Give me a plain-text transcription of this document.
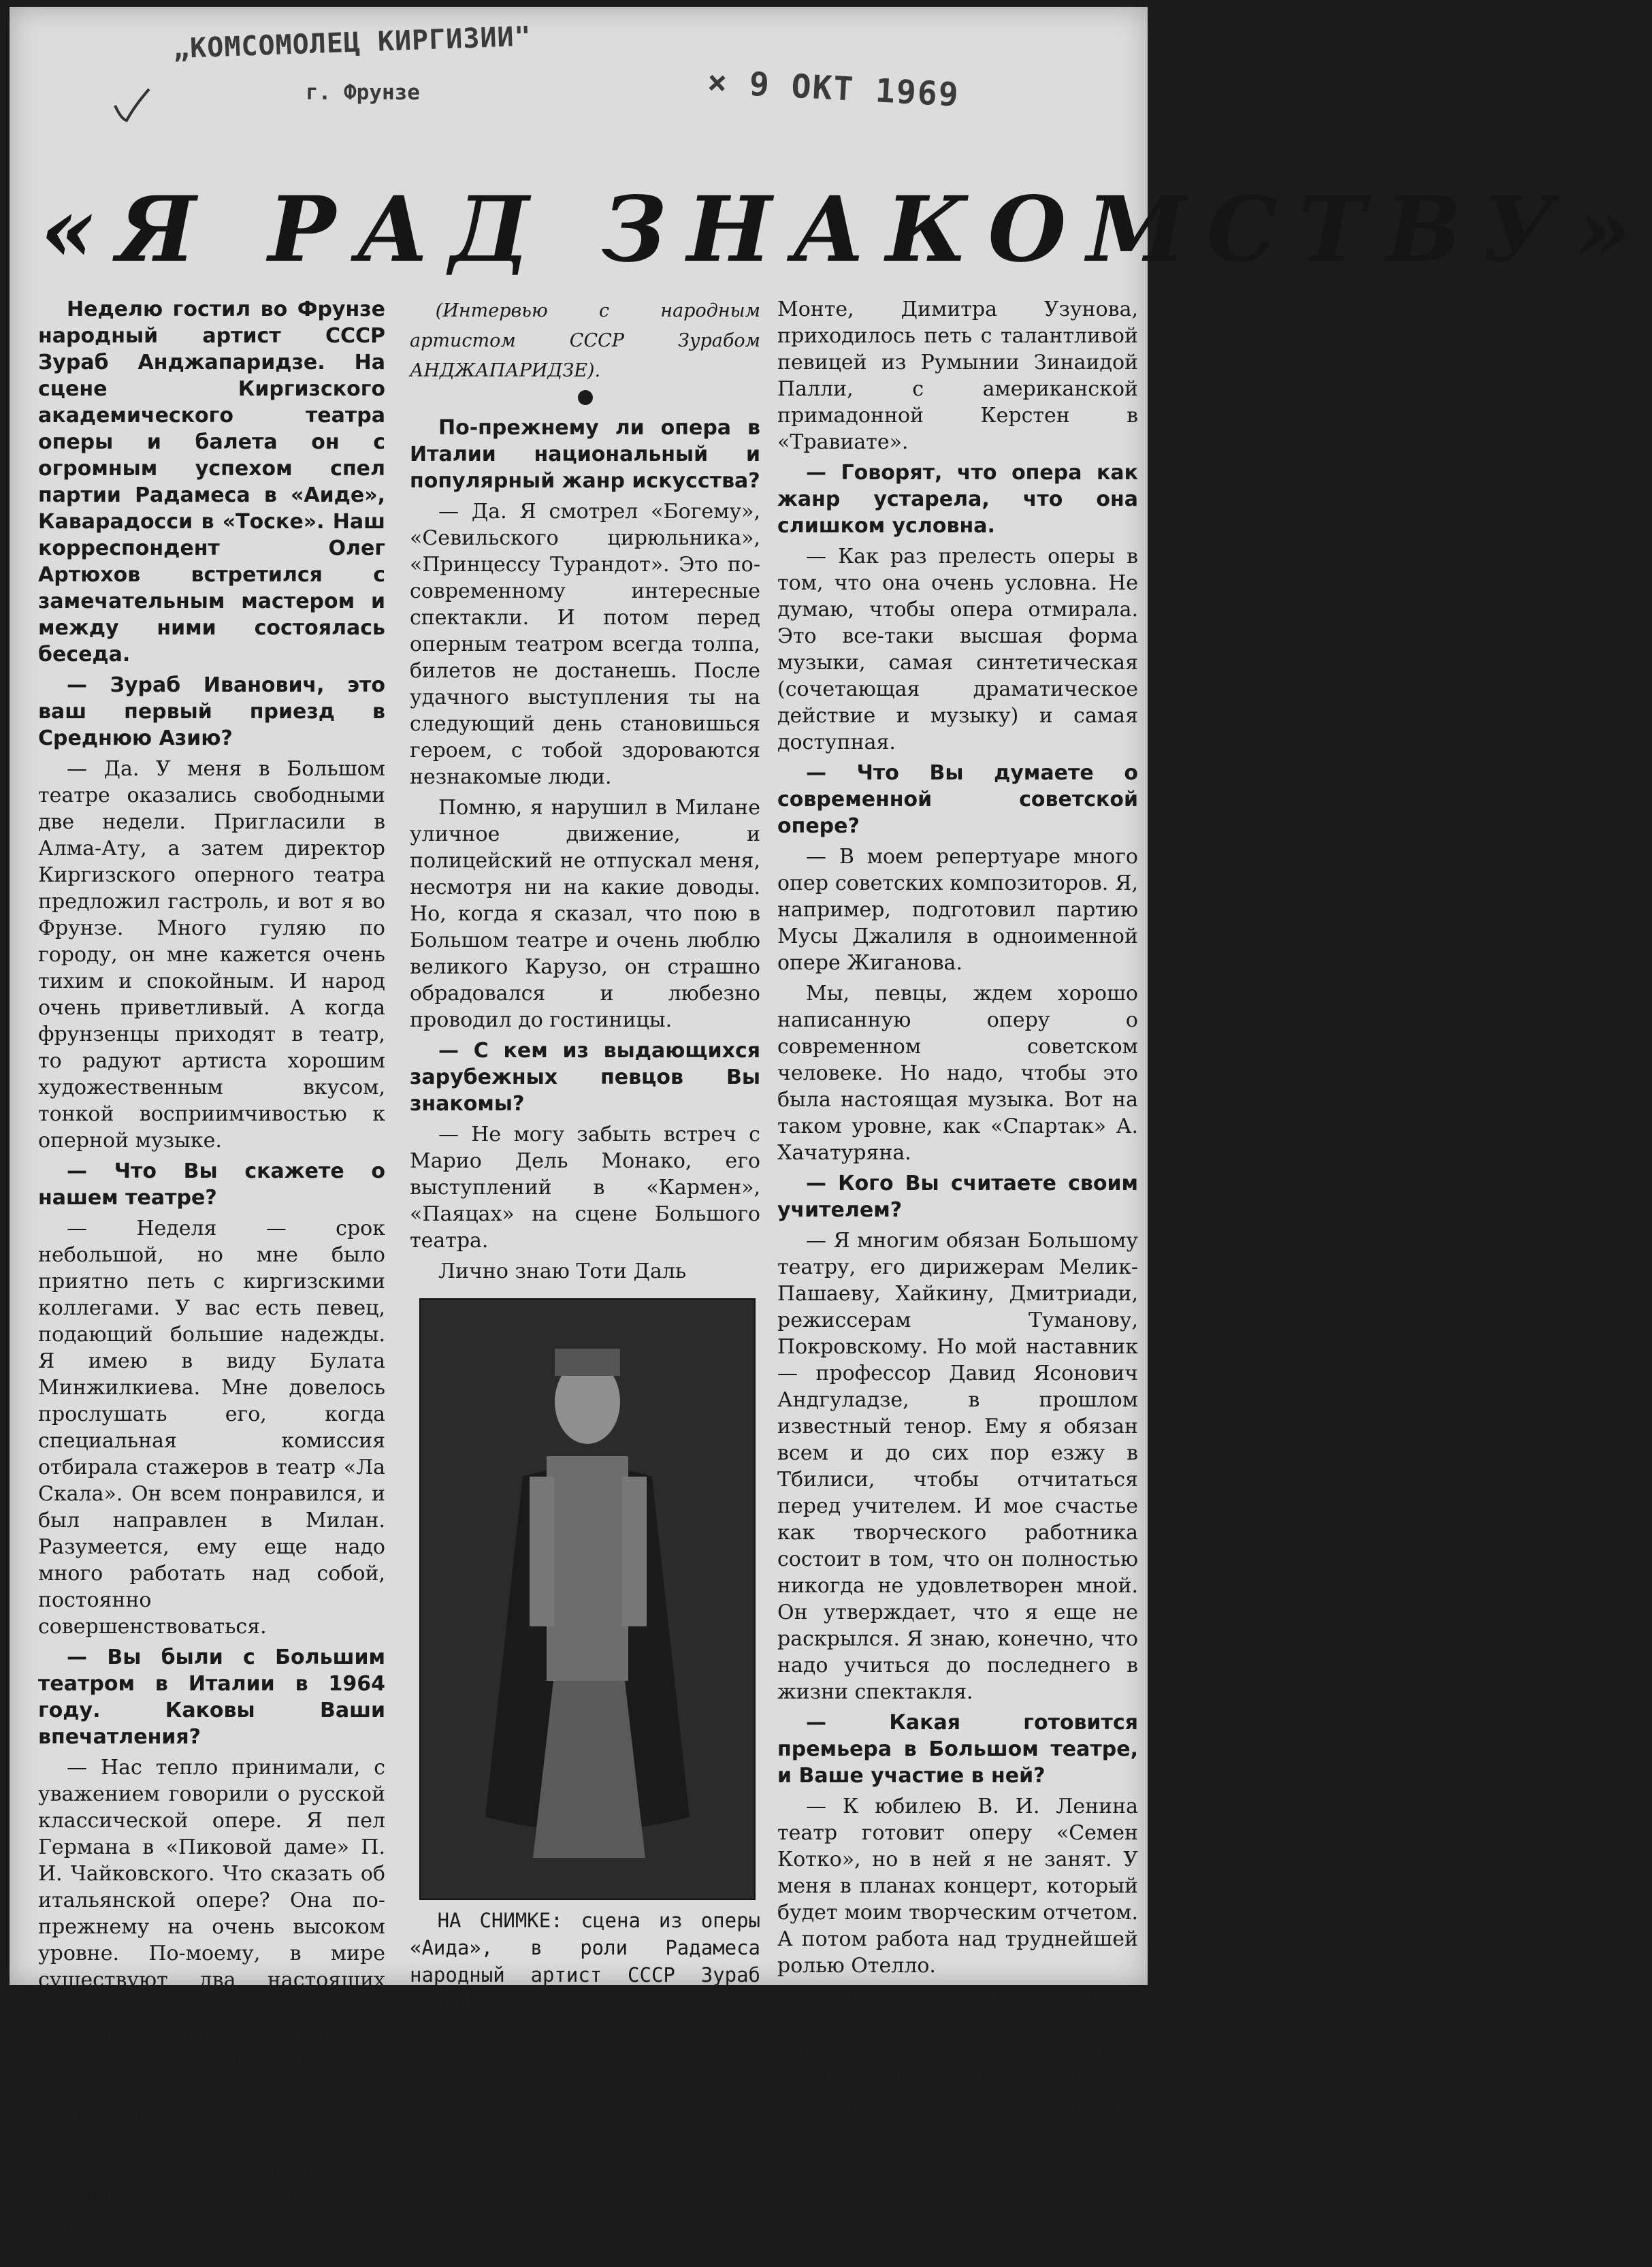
„КОМСОМОЛЕЦ КИРГИЗИИ"
г. Фрунзе	× 9 ОКТ 1969
«Я РАД ЗНАКОМСТВУ»

Неделю гостил во Фрунзе народный артист СССР Зураб Анджапаридзе. На сцене Киргизского академического театра оперы и балета он с огромным успехом спел партии Радамеса в «Аиде», Каварадосси в «Тоске». Наш корреспондент Олег Артюхов встретился с замечательным мастером и между ними состоялась беседа.

— Зураб Иванович, это ваш первый приезд в Среднюю Азию?

— Да. У меня в Большом театре оказались свободными две недели. Пригласили в Алма-Ату, а затем директор Киргизского оперного театра предложил гастроль, и вот я во Фрунзе. Много гуляю по городу, он мне кажется очень тихим и спокойным. И народ очень приветливый. А когда фрунзенцы приходят в театр, то радуют артиста хорошим художественным вкусом, тонкой восприимчивостью к оперной музыке.

— Что Вы скажете о нашем театре?

— Неделя — срок небольшой, но мне было приятно петь с киргизскими коллегами. У вас есть певец, подающий большие надежды. Я имею в виду Булата Минжилкиева. Мне довелось прослушать его, когда специальная комиссия отбирала стажеров в театр «Ла Скала». Он всем понравился, и был направлен в Милан. Разумеется, ему еще надо много работать над собой, постоянно совершенствоваться.

— Вы были с Большим театром в Италии в 1964 году. Каковы Ваши впечатления?

— Нас тепло принимали, с уважением говорили о русской классической опере. Я пел Германа в «Пиковой даме» П. И. Чайковского. Что сказать об итальянской опере? Она по-прежнему на очень высоком уровне. По-моему, в мире существуют два настоящих храма искусства оперы: Большой театр и «Ла Скала». Даже «Гранд-Опера» в Париже живет за счет гастролеров.

В Италии я встречался с замечательным тенором Раймонди. Он ученик недавно умершего маэстро Барра, у которого стажировались все советские певцы.

(Интервью с народным артистом СССР Зурабом АНДЖАПАРИДЗЕ).

По-прежнему ли опера в Италии национальный и популярный жанр искусства?

— Да. Я смотрел «Богему», «Севильского цирюльника», «Принцессу Турандот». Это по-современному интересные спектакли. И потом перед оперным театром всегда толпа, билетов не достанешь. После удачного выступления ты на следующий день становишься героем, с тобой здороваются незнакомые люди.

Помню, я нарушил в Милане уличное движение, и полицейский не отпускал меня, несмотря ни на какие доводы. Но, когда я сказал, что пою в Большом театре и очень люблю великого Карузо, он страшно обрадовался и любезно проводил до гостиницы.

— С кем из выдающихся зарубежных певцов Вы знакомы?

— Не могу забыть встреч с Марио Дель Монако, его выступлений в «Кармен», «Паяцах» на сцене Большого театра.

Лично знаю Тоти Даль

НА СНИМКЕ: сцена из оперы «Аида», в роли Радамеса народный артист СССР Зураб АНДЖАПАРИДЗЕ.

Монте, Димитра Узунова, приходилось петь с талантливой певицей из Румынии Зинаидой Палли, с американской примадонной Керстен в «Травиате».

— Говорят, что опера как жанр устарела, что она слишком условна.

— Как раз прелесть оперы в том, что она очень условна. Не думаю, чтобы опера отмирала. Это все-таки высшая форма музыки, самая синтетическая (сочетающая драматическое действие и музыку) и самая доступная.

— Что Вы думаете о современной советской опере?

— В моем репертуаре много опер советских композиторов. Я, например, подготовил партию Мусы Джалиля в одноименной опере Жиганова.

Мы, певцы, ждем хорошо написанную оперу о современном советском человеке. Но надо, чтобы это была настоящая музыка. Вот на таком уровне, как «Спартак» А. Хачатуряна.

— Кого Вы считаете своим учителем?

— Я многим обязан Большому театру, его дирижерам Мелик-Пашаеву, Хайкину, Дмитриади, режиссерам Туманову, Покровскому. Но мой наставник — профессор Давид Ясонович Андгуладзе, в прошлом известный тенор. Ему я обязан всем и до сих пор езжу в Тбилиси, чтобы отчитаться перед учителем. И мое счастье как творческого работника состоит в том, что он полностью никогда не удовлетворен мной. Он утверждает, что я еще не раскрылся. Я знаю, конечно, что надо учиться до последнего в жизни спектакля.

— Какая готовится премьера в Большом театре, и Ваше участие в ней?

— К юбилею В. И. Ленина театр готовит оперу «Семен Котко», но в ней я не занят. У меня в планах концерт, который будет моим творческим отчетом. А потом работа над труднейшей ролью Отелло.

Улетая в Москву, прошу передать всем молодым фрунзенцам, что был рад познакомиться с ними и благодарен им за горячий прием.
